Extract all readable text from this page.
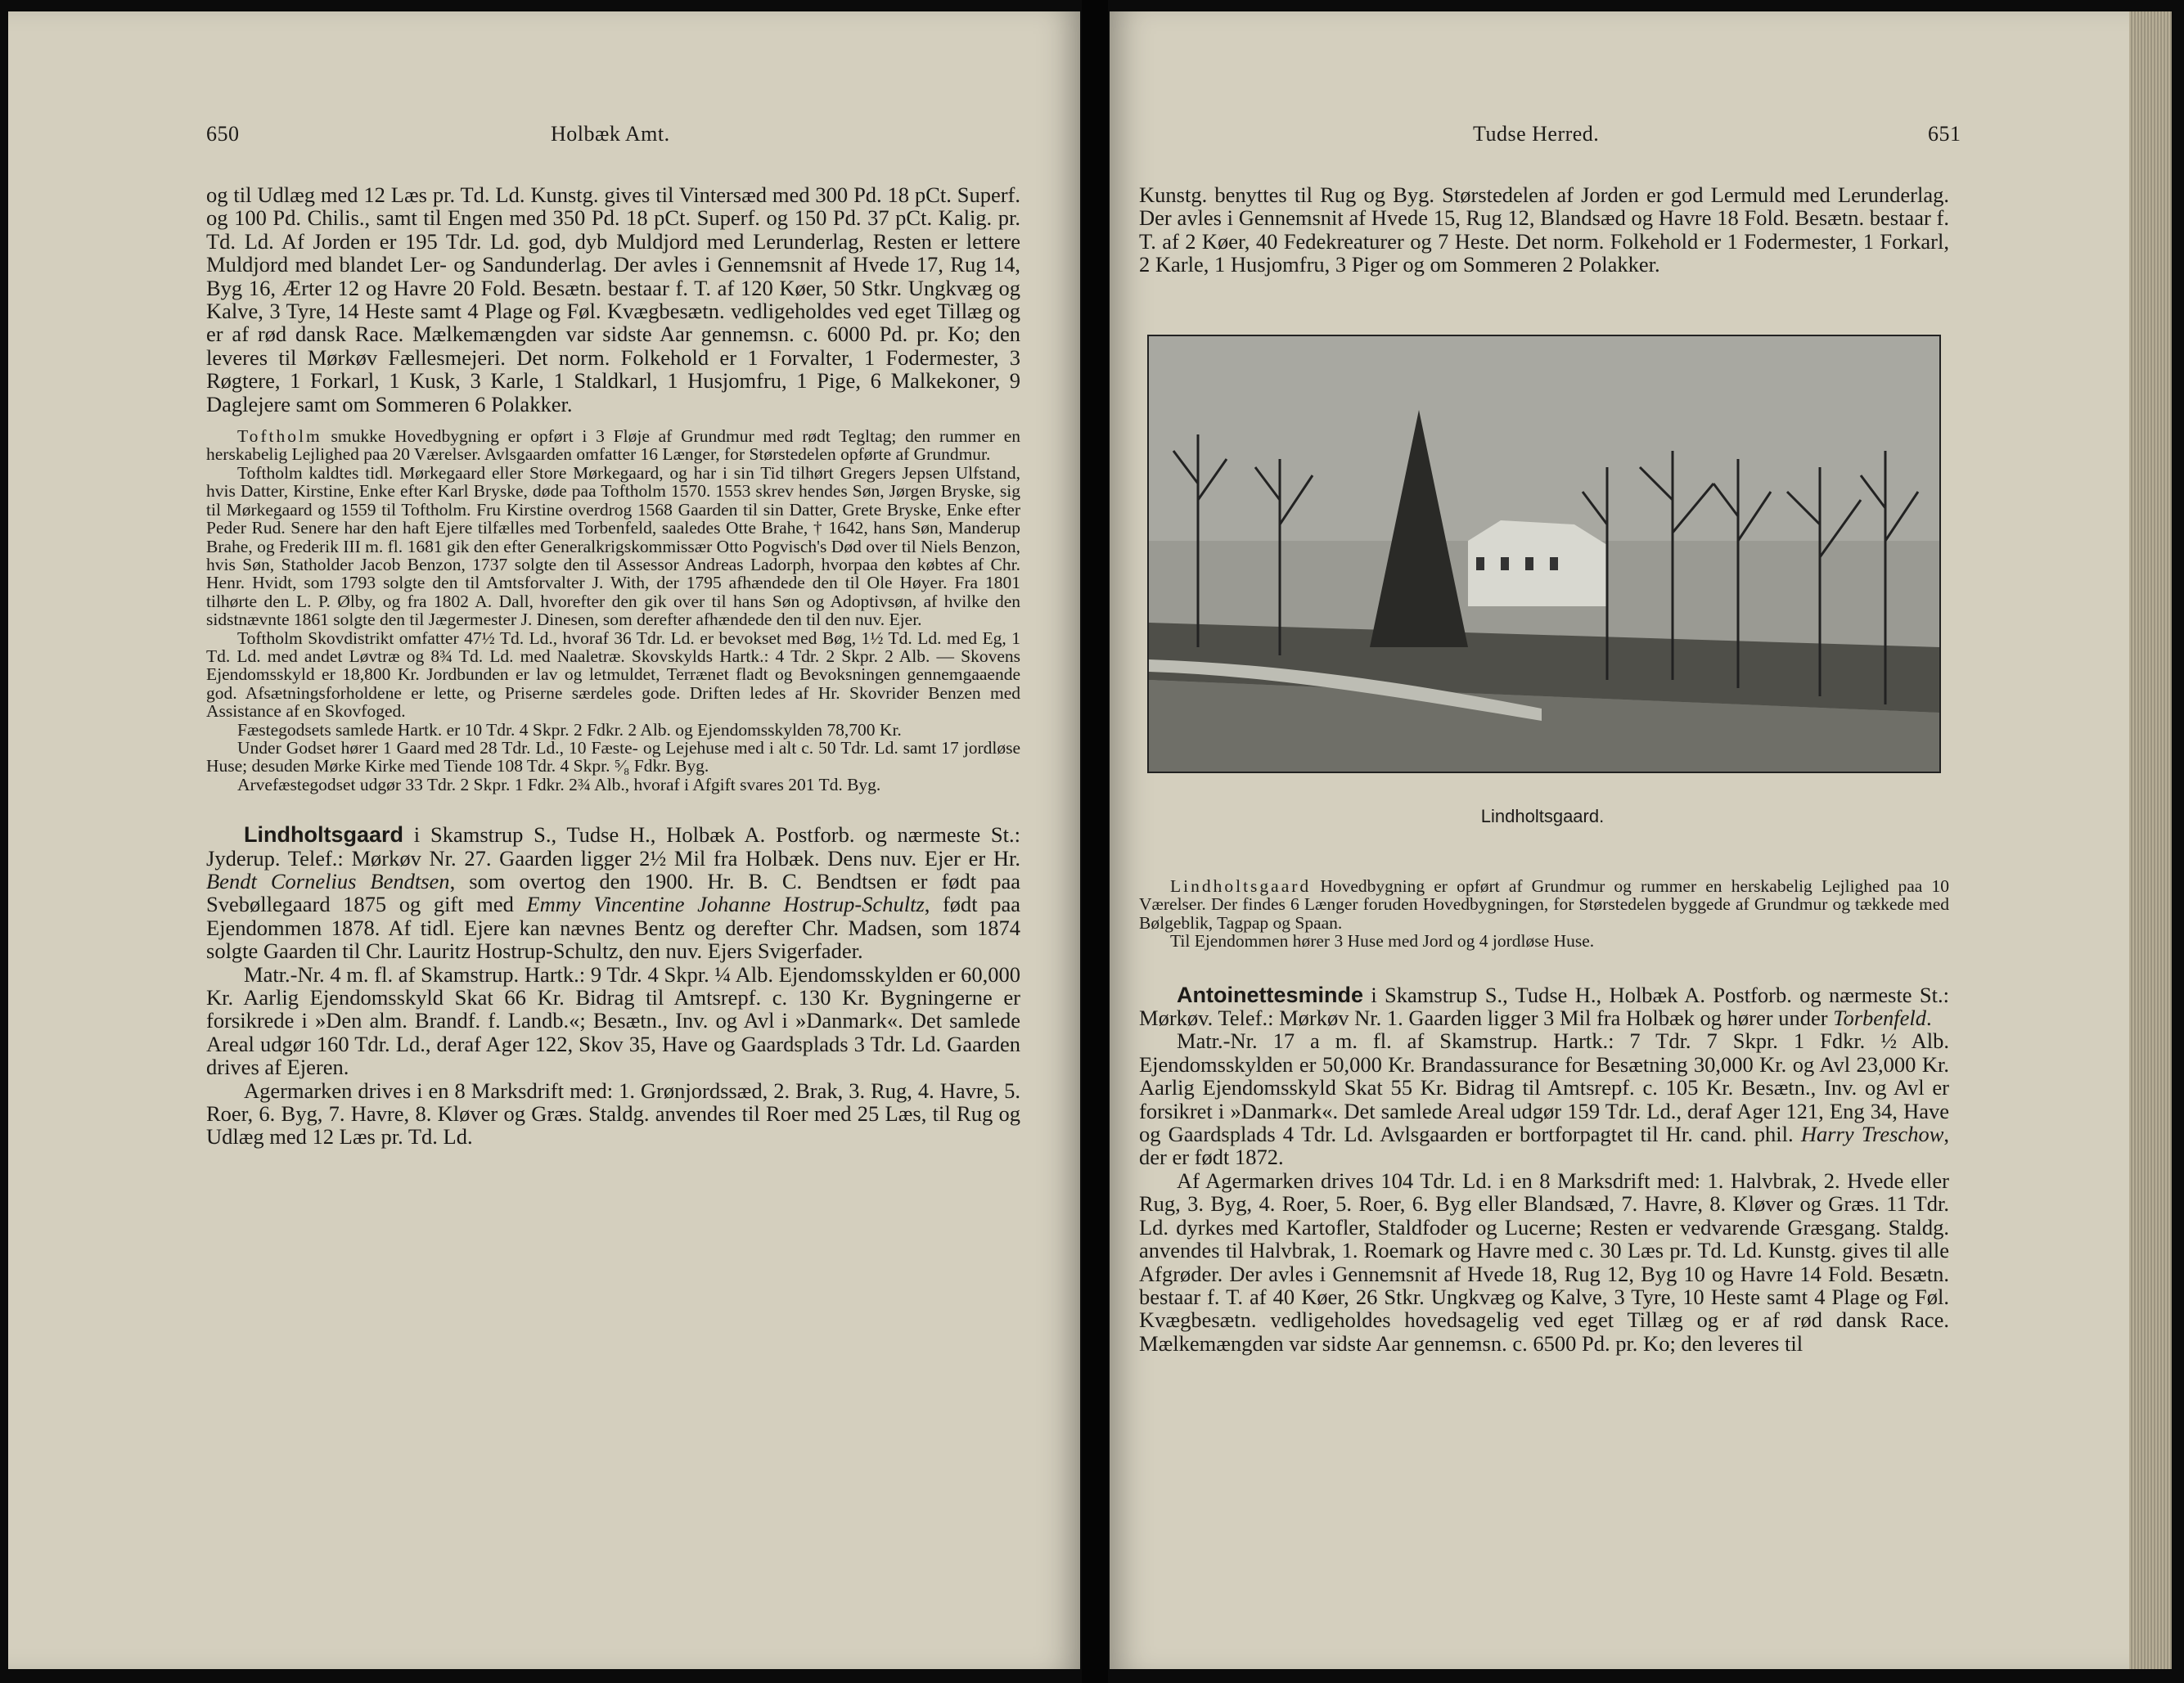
650	Holbæk Amt.

og til Udlæg med 12 Læs pr. Td. Ld. Kunstg. gives til Vintersæd med 300 Pd. 18 pCt. Superf. og 100 Pd. Chilis., samt til Engen med 350 Pd. 18 pCt. Superf. og 150 Pd. 37 pCt. Kalig. pr. Td. Ld. Af Jorden er 195 Tdr. Ld. god, dyb Muldjord med Lerunderlag, Resten er lettere Muldjord med blandet Ler- og Sandunderlag. Der avles i Gennemsnit af Hvede 17, Rug 14, Byg 16, Ærter 12 og Havre 20 Fold. Besætn. bestaar f. T. af 120 Køer, 50 Stkr. Ungkvæg og Kalve, 3 Tyre, 14 Heste samt 4 Plage og Føl. Kvægbesætn. vedligeholdes ved eget Tillæg og er af rød dansk Race. Mælkemængden var sidste Aar gennemsn. c. 6000 Pd. pr. Ko; den leveres til Mørkøv Fællesmejeri. Det norm. Folkehold er 1 Forvalter, 1 Fodermester, 3 Røgtere, 1 Forkarl, 1 Kusk, 3 Karle, 1 Staldkarl, 1 Husjomfru, 1 Pige, 6 Malkekoner, 9 Daglejere samt om Sommeren 6 Polakker.

Toftholm smukke Hovedbygning er opført i 3 Fløje af Grundmur med rødt Tegltag; den rummer en herskabelig Lejlighed paa 20 Værelser. Avlsgaarden omfatter 16 Længer, for Størstedelen opførte af Grundmur.

Toftholm kaldtes tidl. Mørkegaard eller Store Mørkegaard, og har i sin Tid tilhørt Gregers Jepsen Ulfstand, hvis Datter, Kirstine, Enke efter Karl Bryske, døde paa Toftholm 1570. 1553 skrev hendes Søn, Jørgen Bryske, sig til Mørkegaard og 1559 til Toftholm. Fru Kirstine overdrog 1568 Gaarden til sin Datter, Grete Bryske, Enke efter Peder Rud. Senere har den haft Ejere tilfælles med Torbenfeld, saaledes Otte Brahe, † 1642, hans Søn, Manderup Brahe, og Frederik III m. fl. 1681 gik den efter Generalkrigskommissær Otto Pogvisch's Død over til Niels Benzon, hvis Søn, Statholder Jacob Benzon, 1737 solgte den til Assessor Andreas Ladorph, hvorpaa den købtes af Chr. Henr. Hvidt, som 1793 solgte den til Amtsforvalter J. With, der 1795 afhændede den til Ole Høyer. Fra 1801 tilhørte den L. P. Ølby, og fra 1802 A. Dall, hvorefter den gik over til hans Søn og Adoptivsøn, af hvilke den sidstnævnte 1861 solgte den til Jægermester J. Dinesen, som derefter afhændede den til den nuv. Ejer.

Toftholm Skovdistrikt omfatter 47½ Td. Ld., hvoraf 36 Tdr. Ld. er bevokset med Bøg, 1½ Td. Ld. med Eg, 1 Td. Ld. med andet Løvtræ og 8¾ Td. Ld. med Naaletræ. Skovskylds Hartk.: 4 Tdr. 2 Skpr. 2 Alb. — Skovens Ejendomsskyld er 18,800 Kr. Jordbunden er lav og letmuldet, Terrænet fladt og Bevoksningen gennemgaaende god. Afsætningsforholdene er lette, og Priserne særdeles gode. Driften ledes af Hr. Skovrider Benzen med Assistance af en Skovfoged.

Fæstegodsets samlede Hartk. er 10 Tdr. 4 Skpr. 2 Fdkr. 2 Alb. og Ejendomsskylden 78,700 Kr.

Under Godset hører 1 Gaard med 28 Tdr. Ld., 10 Fæste- og Lejehuse med i alt c. 50 Tdr. Ld. samt 17 jordløse Huse; desuden Mørke Kirke med Tiende 108 Tdr. 4 Skpr. ⁵⁄₈ Fdkr. Byg.

Arvefæstegodset udgør 33 Tdr. 2 Skpr. 1 Fdkr. 2¾ Alb., hvoraf i Afgift svares 201 Td. Byg.

Lindholtsgaard i Skamstrup S., Tudse H., Holbæk A. Postforb. og nærmeste St.: Jyderup. Telef.: Mørkøv Nr. 27. Gaarden ligger 2½ Mil fra Holbæk. Dens nuv. Ejer er Hr. Bendt Cornelius Bendtsen, som overtog den 1900. Hr. B. C. Bendtsen er født paa Svebøllegaard 1875 og gift med Emmy Vincentine Johanne Hostrup-Schultz, født paa Ejendommen 1878. Af tidl. Ejere kan nævnes Bentz og derefter Chr. Madsen, som 1874 solgte Gaarden til Chr. Lauritz Hostrup-Schultz, den nuv. Ejers Svigerfader.

Matr.-Nr. 4 m. fl. af Skamstrup. Hartk.: 9 Tdr. 4 Skpr. ¼ Alb. Ejendomsskylden er 60,000 Kr. Aarlig Ejendomsskyld Skat 66 Kr. Bidrag til Amtsrepf. c. 130 Kr. Bygningerne er forsikrede i »Den alm. Brandf. f. Landb.«; Besætn., Inv. og Avl i »Danmark«. Det samlede Areal udgør 160 Tdr. Ld., deraf Ager 122, Skov 35, Have og Gaardsplads 3 Tdr. Ld. Gaarden drives af Ejeren.

Agermarken drives i en 8 Marksdrift med: 1. Grønjordssæd, 2. Brak, 3. Rug, 4. Havre, 5. Roer, 6. Byg, 7. Havre, 8. Kløver og Græs. Staldg. anvendes til Roer med 25 Læs, til Rug og Udlæg med 12 Læs pr. Td. Ld.

Tudse Herred.	651

Kunstg. benyttes til Rug og Byg. Størstedelen af Jorden er god Lermuld med Lerunderlag. Der avles i Gennemsnit af Hvede 15, Rug 12, Blandsæd og Havre 18 Fold. Besætn. bestaar f. T. af 2 Køer, 40 Fedekreaturer og 7 Heste. Det norm. Folkehold er 1 Fodermester, 1 Forkarl, 2 Karle, 1 Husjomfru, 3 Piger og om Sommeren 2 Polakker.

Lindholtsgaard Hovedbygning er opført af Grundmur og rummer en herskabelig Lejlighed paa 10 Værelser. Der findes 6 Længer foruden Hovedbygningen, for Størstedelen byggede af Grundmur og tækkede med Bølgeblik, Tagpap og Spaan.

Til Ejendommen hører 3 Huse med Jord og 4 jordløse Huse.

Antoinettesminde i Skamstrup S., Tudse H., Holbæk A. Postforb. og nærmeste St.: Mørkøv. Telef.: Mørkøv Nr. 1. Gaarden ligger 3 Mil fra Holbæk og hører under Torbenfeld.

Matr.-Nr. 17 a m. fl. af Skamstrup. Hartk.: 7 Tdr. 7 Skpr. 1 Fdkr. ½ Alb. Ejendomsskylden er 50,000 Kr. Brandassurance for Besætning 30,000 Kr. og Avl 23,000 Kr. Aarlig Ejendomsskyld Skat 55 Kr. Bidrag til Amtsrepf. c. 105 Kr. Besætn., Inv. og Avl er forsikret i »Danmark«. Det samlede Areal udgør 159 Tdr. Ld., deraf Ager 121, Eng 34, Have og Gaardsplads 4 Tdr. Ld. Avlsgaarden er bortforpagtet til Hr. cand. phil. Harry Treschow, der er født 1872.

Af Agermarken drives 104 Tdr. Ld. i en 8 Marksdrift med: 1. Halvbrak, 2. Hvede eller Rug, 3. Byg, 4. Roer, 5. Roer, 6. Byg eller Blandsæd, 7. Havre, 8. Kløver og Græs. 11 Tdr. Ld. dyrkes med Kartofler, Staldfoder og Lucerne; Resten er vedvarende Græsgang. Staldg. anvendes til Halvbrak, 1. Roemark og Havre med c. 30 Læs pr. Td. Ld. Kunstg. gives til alle Afgrøder. Der avles i Gennemsnit af Hvede 18, Rug 12, Byg 10 og Havre 14 Fold. Besætn. bestaar f. T. af 40 Køer, 26 Stkr. Ungkvæg og Kalve, 3 Tyre, 10 Heste samt 4 Plage og Føl. Kvægbesætn. vedligeholdes hovedsagelig ved eget Tillæg og er af rød dansk Race. Mælkemængden var sidste Aar gennemsn. c. 6500 Pd. pr. Ko; den leveres til

Lindholtsgaard.
